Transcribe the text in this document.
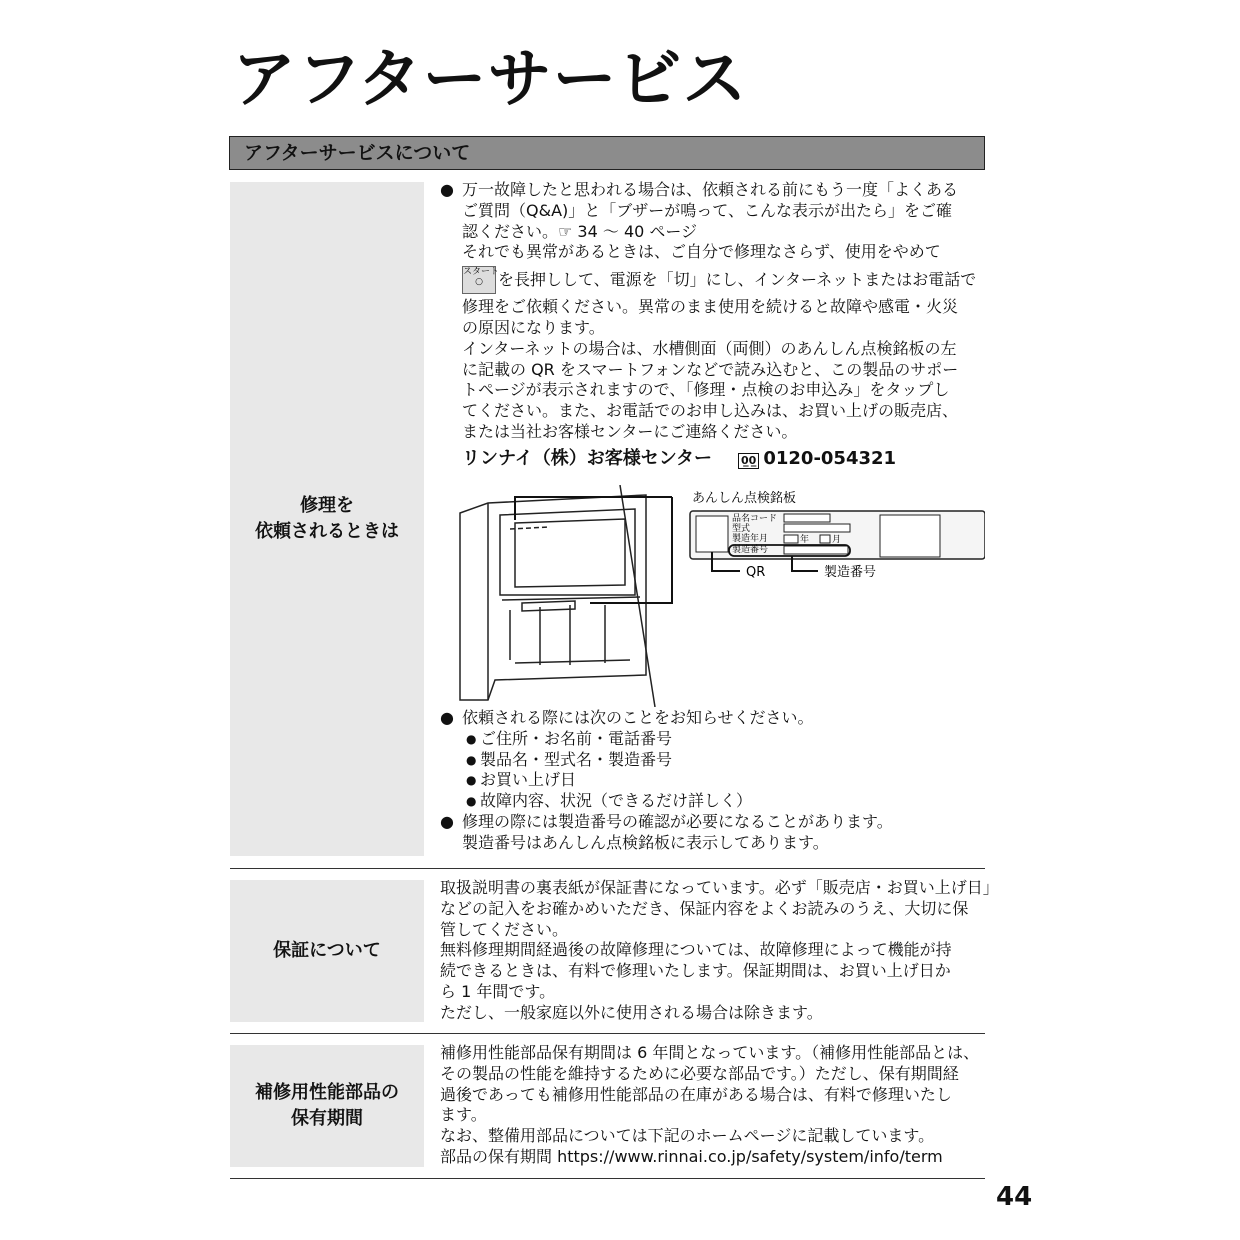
アフターサービス
アフターサービスについて
修理を
依頼されるときは
● 万一故障したと思われる場合は、依頼される前にもう一度「よくある
ご質問（Q&A)」と「ブザーが鳴って、こんな表示が出たら」をご確
認ください。☞ 34 ～ 40 ページ
それでも異常があるときは、ご自分で修理なさらず、使用をやめて
スタート
○ を長押しして、電源を「切」にし、インターネットまたはお電話で
修理をご依頼ください。異常のまま使用を続けると故障や感電・火災
の原因になります。
インターネットの場合は、水槽側面（両側）のあんしん点検銘板の左
に記載の QR をスマートフォンなどで読み込むと、この製品のサポー
トページが表示されますので、「修理・点検のお申込み」をタップし
てください。また、お電話でのお申し込みは、お買い上げの販売店、
または当社お客様センターにご連絡ください。
リンナイ（株）お客様センター	0̲0̲ 0120-054321
あんしん点検銘板
品名コード
型式
製造年月
製造番号
年	月
QR	製造番号
● 依頼される際には次のことをお知らせください。
● ご住所・お名前・電話番号
● 製品名・型式名・製造番号
● お買い上げ日
● 故障内容、状況（できるだけ詳しく）
● 修理の際には製造番号の確認が必要になることがあります。
製造番号はあんしん点検銘板に表示してあります。
保証について
取扱説明書の裏表紙が保証書になっています。必ず「販売店・お買い上げ日」
などの記入をお確かめいただき、保証内容をよくお読みのうえ、大切に保
管してください。
無料修理期間経過後の故障修理については、故障修理によって機能が持
続できるときは、有料で修理いたします。保証期間は、お買い上げ日か
ら 1 年間です。
ただし、一般家庭以外に使用される場合は除きます。
補修用性能部品の
保有期間
補修用性能部品保有期間は 6 年間となっています。（補修用性能部品とは、
その製品の性能を維持するために必要な部品です。）ただし、保有期間経
過後であっても補修用性能部品の在庫がある場合は、有料で修理いたし
ます。
なお、整備用部品については下記のホームページに記載しています。
部品の保有期間 https://www.rinnai.co.jp/safety/system/info/term
44
